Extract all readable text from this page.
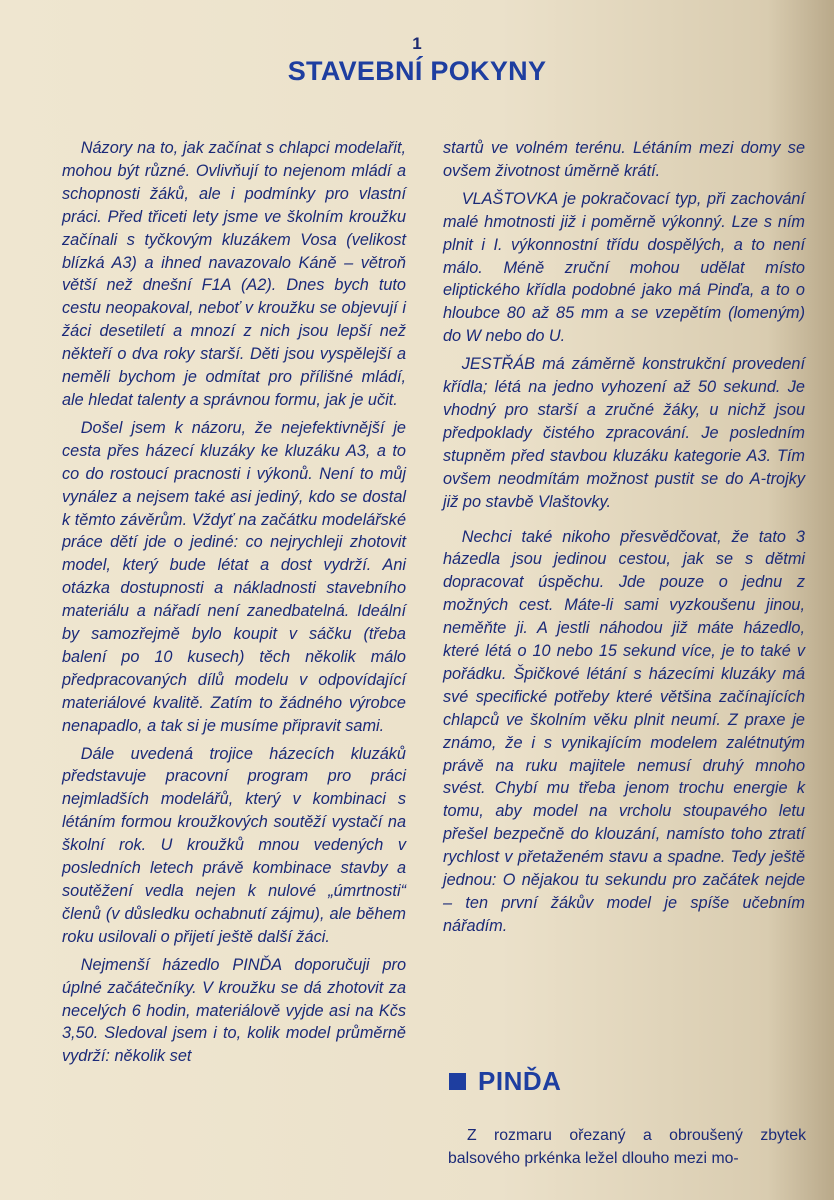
1
STAVEBNÍ POKYNY

Názory na to, jak začínat s chlapci modelařit, mohou být různé. Ovlivňují to nejenom mládí a schopnosti žáků, ale i podmínky pro vlastní práci. Před třiceti lety jsme ve školním kroužku začínali s tyčkovým kluzákem Vosa (velikost blízká A3) a ihned navazovalo Káně – větroň větší než dnešní F1A (A2). Dnes bych tuto cestu neopakoval, neboť v kroužku se objevují i žáci desetiletí a mnozí z nich jsou lepší než někteří o dva roky starší. Děti jsou vyspělejší a neměli bychom je odmítat pro přílišné mládí, ale hledat talenty a správnou formu, jak je učit.

Došel jsem k názoru, že nejefektivnější je cesta přes házecí kluzáky ke kluzáku A3, a to co do rostoucí pracnosti i výkonů. Není to můj vynález a nejsem také asi jediný, kdo se dostal k těmto závěrům. Vždyť na začátku modelářské práce dětí jde o jediné: co nejrychleji zhotovit model, který bude létat a dost vydrží. Ani otázka dostupnosti a nákladnosti stavebního materiálu a nářadí není zanedbatelná. Ideální by samozřejmě bylo koupit v sáčku (třeba balení po 10 kusech) těch několik málo předpracovaných dílů modelu v odpovídající materiálové kvalitě. Zatím to žádného výrobce nenapadlo, a tak si je musíme připravit sami.

Dále uvedená trojice házecích kluzáků představuje pracovní program pro práci nejmladších modelářů, který v kombinaci s létáním formou kroužkových soutěží vystačí na školní rok. U kroužků mnou vedených v posledních letech právě kombinace stavby a soutěžení vedla nejen k nulové „úmrtnosti“ členů (v důsledku ochabnutí zájmu), ale během roku usilovali o přijetí ještě další žáci.

Nejmenší házedlo PINĎA doporučuji pro úplné začátečníky. V kroužku se dá zhotovit za necelých 6 hodin, materiálově vyjde asi na Kčs 3,50. Sledoval jsem i to, kolik model průměrně vydrží: několik set

startů ve volném terénu. Létáním mezi domy se ovšem životnost úměrně krátí.

VLAŠTOVKA je pokračovací typ, při zachování malé hmotnosti již i poměrně výkonný. Lze s ním plnit i I. výkonnostní třídu dospělých, a to není málo. Méně zruční mohou udělat místo eliptického křídla podobné jako má Pinďa, a to o hloubce 80 až 85 mm a se vzepětím (lomeným) do W nebo do U.

JESTŘÁB má záměrně konstrukční provedení křídla; létá na jedno vyhození až 50 sekund. Je vhodný pro starší a zručné žáky, u nichž jsou předpoklady čistého zpracování. Je posledním stupněm před stavbou kluzáku kategorie A3. Tím ovšem neodmítám možnost pustit se do A-trojky již po stavbě Vlaštovky.

Nechci také nikoho přesvědčovat, že tato 3 házedla jsou jedinou cestou, jak se s dětmi dopracovat úspěchu. Jde pouze o jednu z možných cest. Máte-li sami vyzkoušenu jinou, neměňte ji. A jestli náhodou již máte házedlo, které létá o 10 nebo 15 sekund více, je to také v pořádku. Špičkové létání s házecími kluzáky má své specifické potřeby které většina začínajících chlapců ve školním věku plnit neumí. Z praxe je známo, že i s vynikajícím modelem zalétnutým právě na ruku majitele nemusí druhý mnoho svést. Chybí mu třeba jenom trochu energie k tomu, aby model na vrcholu stoupavého letu přešel bezpečně do klouzání, namísto toho ztratí rychlost v přetaženém stavu a spadne. Tedy ještě jednou: O nějakou tu sekundu pro začátek nejde – ten první žákův model je spíše učebním nářadím.

PINĎA

Z rozmaru ořezaný a obroušený zbytek balsového prkénka ležel dlouho mezi mo-
